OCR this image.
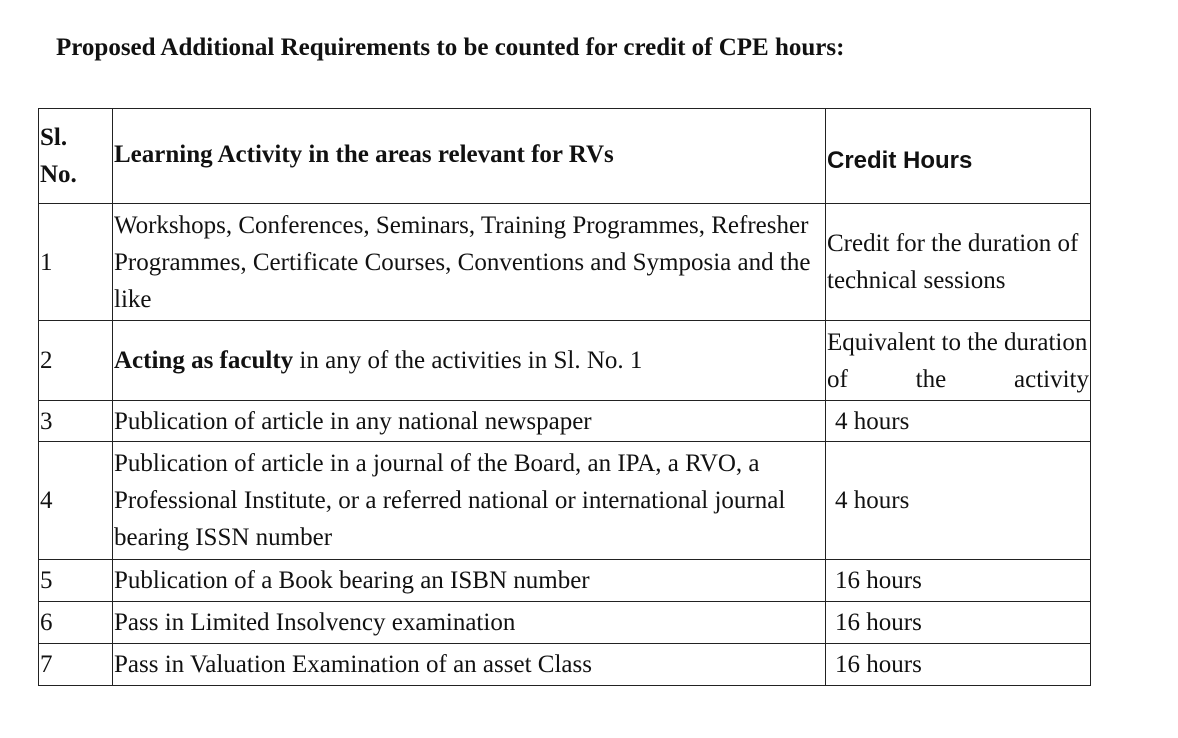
Proposed Additional Requirements to be counted for credit of CPE hours:
Sl.
No.	Learning Activity in the areas relevant for RVs	Credit Hours
1	Workshops, Conferences, Seminars, Training Programmes, Refresher Programmes, Certificate Courses, Conventions and Symposia and the like	Credit for the duration of technical sessions
2	Acting as faculty in any of the activities in Sl. No. 1	Equivalent to the duration of the activity
3	Publication of article in any national newspaper	4 hours
4	Publication of article in a journal of the Board, an IPA, a RVO, a Professional Institute, or a referred national or international journal bearing ISSN number	4 hours
5	Publication of a Book bearing an ISBN number	16 hours
6	Pass in Limited Insolvency examination	16 hours
7	Pass in Valuation Examination of an asset Class	16 hours
